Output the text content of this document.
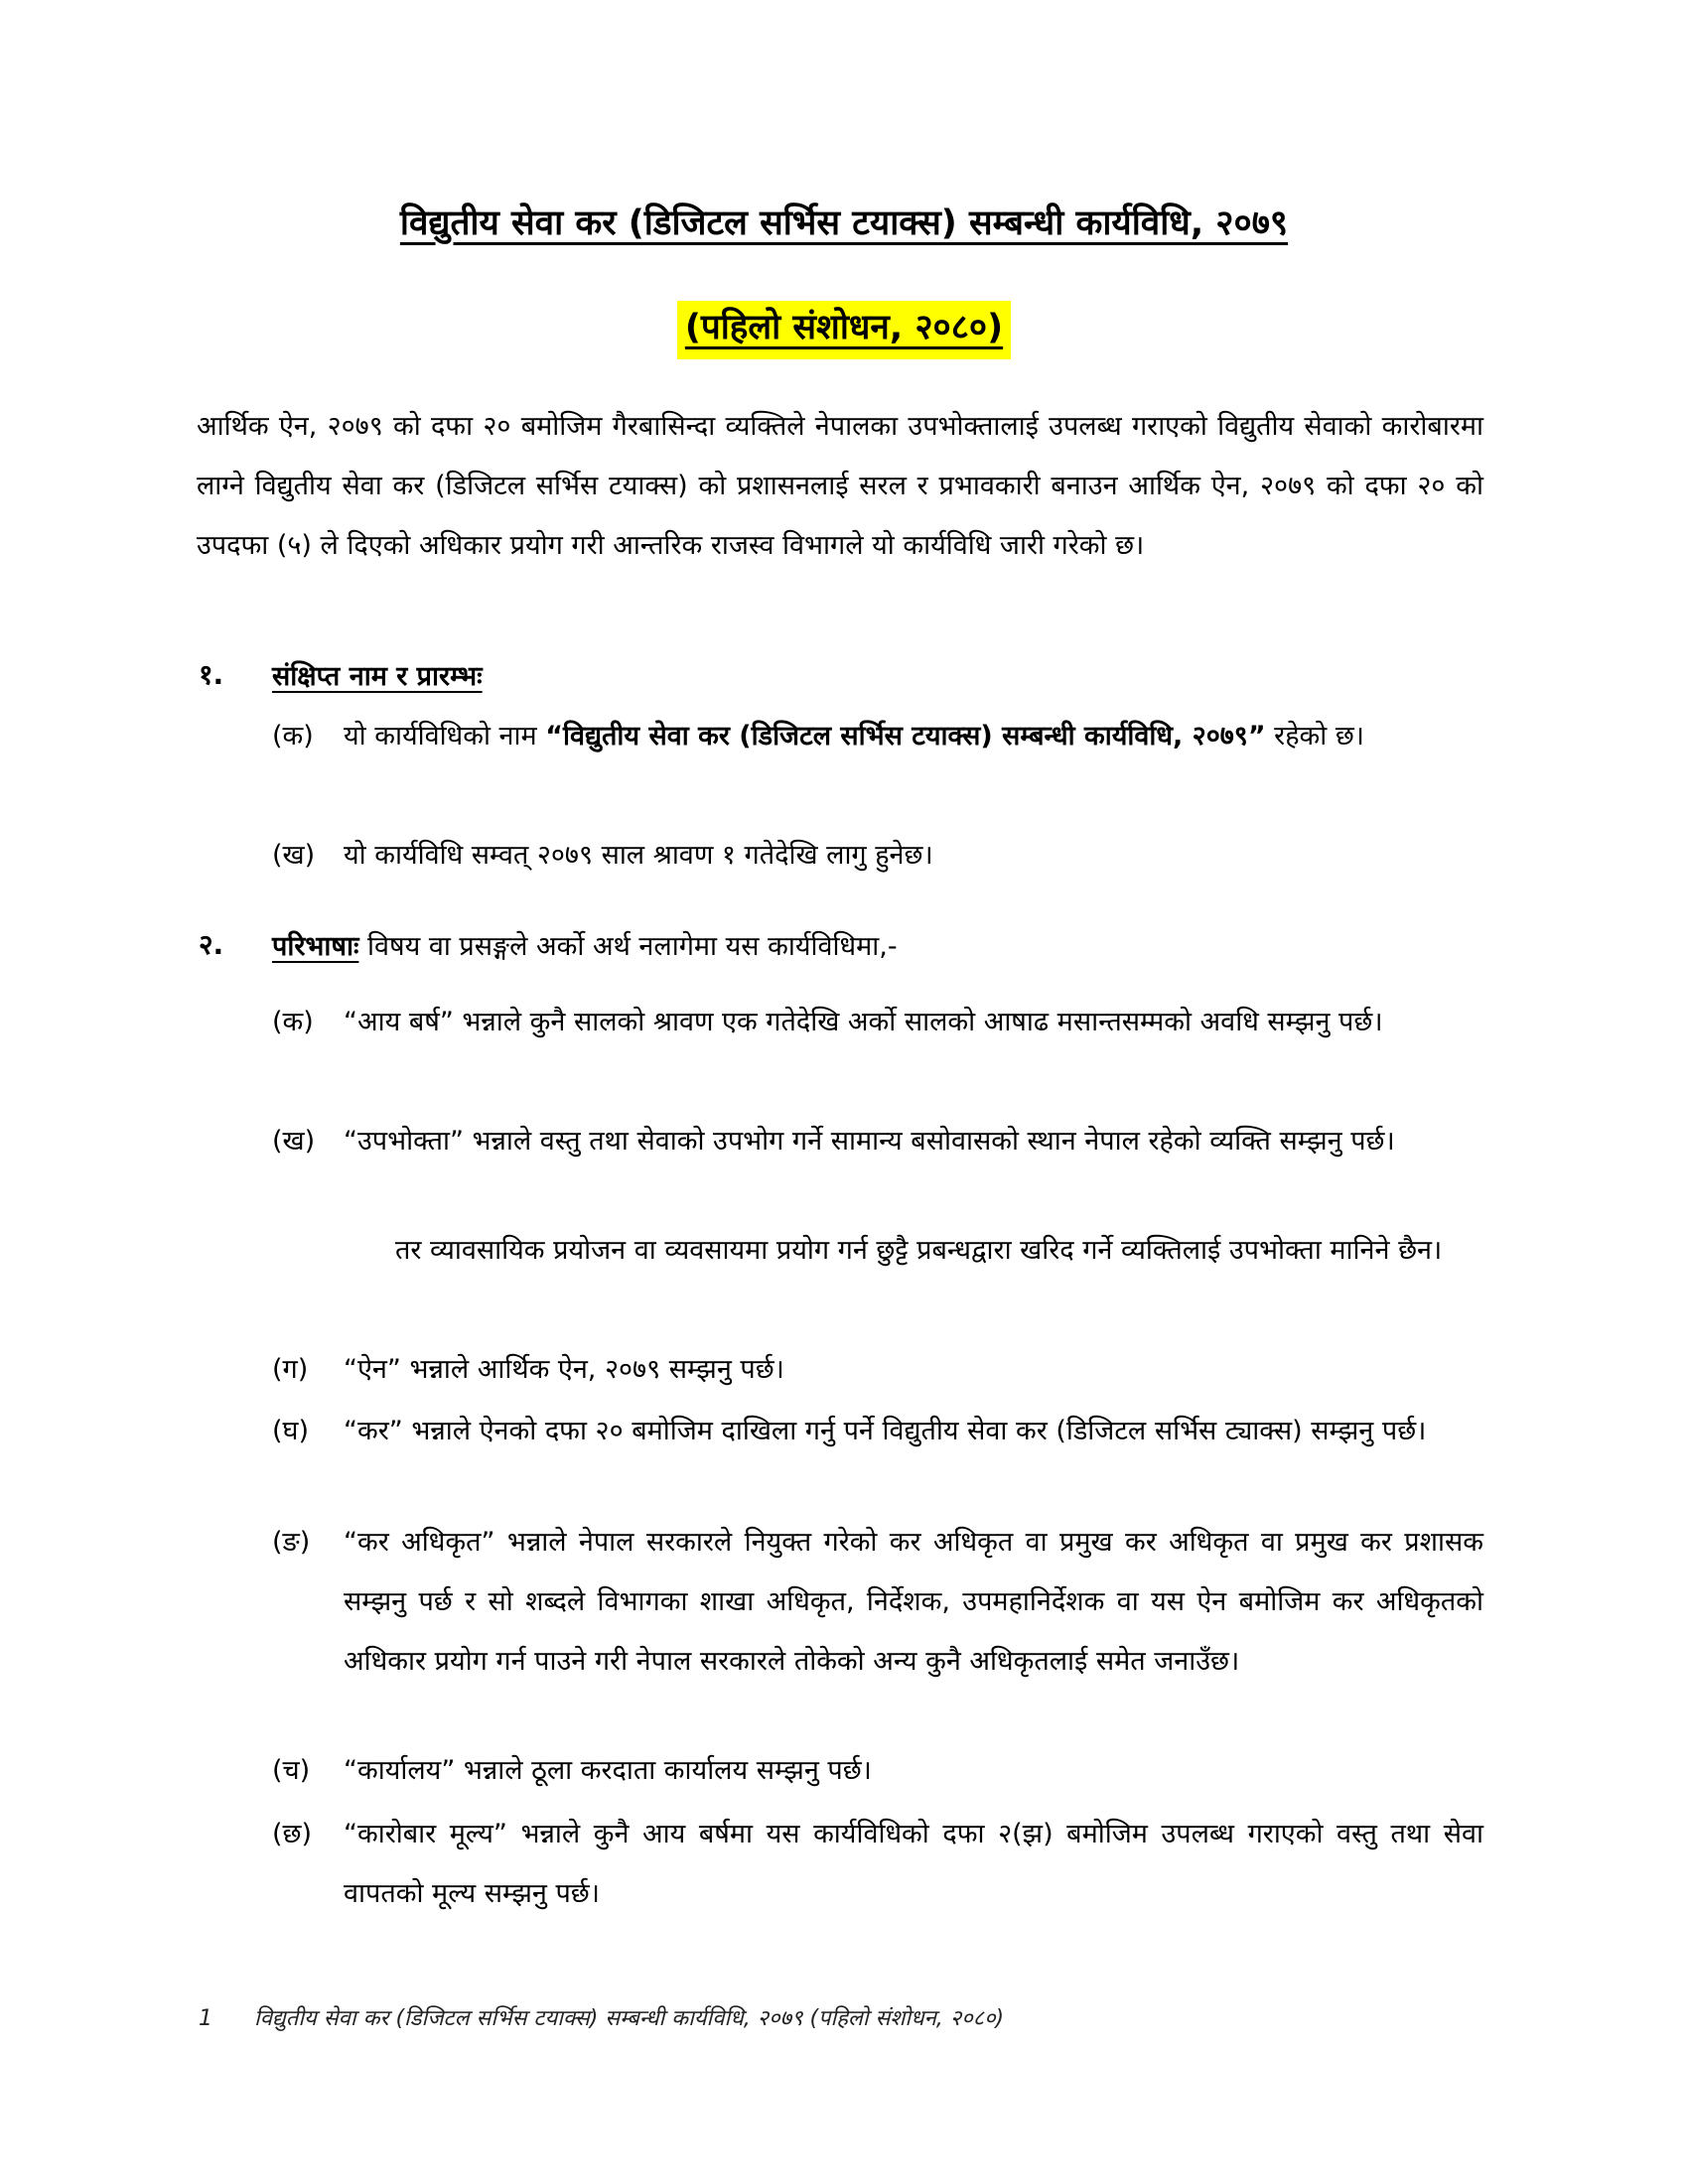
विद्युतीय सेवा कर (डिजिटल सर्भिस टयाक्स) सम्बन्धी कार्यविधि, २०७९
(पहिलो संशोधन, २०८०)
आर्थिक ऐन, २०७९ को दफा २० बमोजिम गैरबासिन्दा व्यक्तिले नेपालका उपभोक्तालाई उपलब्ध गराएको विद्युतीय सेवाको कारोबारमा लाग्ने विद्युतीय सेवा कर (डिजिटल सर्भिस टयाक्स) को प्रशासनलाई सरल र प्रभावकारी बनाउन आर्थिक ऐन, २०७९ को दफा २० को उपदफा (५) ले दिएको अधिकार प्रयोग गरी आन्तरिक राजस्व विभागले यो कार्यविधि जारी गरेको छ।
१. संक्षिप्त नाम र प्रारम्भः
(क)	यो कार्यविधिको नाम “विद्युतीय सेवा कर (डिजिटल सर्भिस टयाक्स) सम्बन्धी कार्यविधि, २०७९” रहेको छ।
(ख)	यो कार्यविधि सम्वत् २०७९ साल श्रावण १ गतेदेखि लागु हुनेछ।
२. परिभाषाः विषय वा प्रसङ्गले अर्को अर्थ नलागेमा यस कार्यविधिमा,-
(क)	“आय बर्ष” भन्नाले कुनै सालको श्रावण एक गतेदेखि अर्को सालको आषाढ मसान्तसम्मको अवधि सम्झनु पर्छ।
(ख)	“उपभोक्ता” भन्नाले वस्तु तथा सेवाको उपभोग गर्ने सामान्य बसोवासको स्थान नेपाल रहेको व्यक्ति सम्झनु पर्छ।
तर व्यावसायिक प्रयोजन वा व्यवसायमा प्रयोग गर्न छुट्टै प्रबन्धद्वारा खरिद गर्ने व्यक्तिलाई उपभोक्ता मानिने छैन।
(ग)	“ऐन” भन्नाले आर्थिक ऐन, २०७९ सम्झनु पर्छ।
(घ)	“कर” भन्नाले ऐनको दफा २० बमोजिम दाखिला गर्नु पर्ने विद्युतीय सेवा कर (डिजिटल सर्भिस ट्याक्स) सम्झनु पर्छ।
(ङ)	“कर अधिकृत” भन्नाले नेपाल सरकारले नियुक्त गरेको कर अधिकृत वा प्रमुख कर अधिकृत वा प्रमुख कर प्रशासक सम्झनु पर्छ र सो शब्दले विभागका शाखा अधिकृत, निर्देशक, उपमहानिर्देशक वा यस ऐन बमोजिम कर अधिकृतको अधिकार प्रयोग गर्न पाउने गरी नेपाल सरकारले तोकेको अन्य कुनै अधिकृतलाई समेत जनाउँछ।
(च)	“कार्यालय” भन्नाले ठूला करदाता कार्यालय सम्झनु पर्छ।
(छ)	“कारोबार मूल्य” भन्नाले कुनै आय बर्षमा यस कार्यविधिको दफा २(झ) बमोजिम उपलब्ध गराएको वस्तु तथा सेवा वापतको मूल्य सम्झनु पर्छ।
1 विद्युतीय सेवा कर (डिजिटल सर्भिस टयाक्स) सम्बन्धी कार्यविधि, २०७९ (पहिलो संशोधन, २०८०)
